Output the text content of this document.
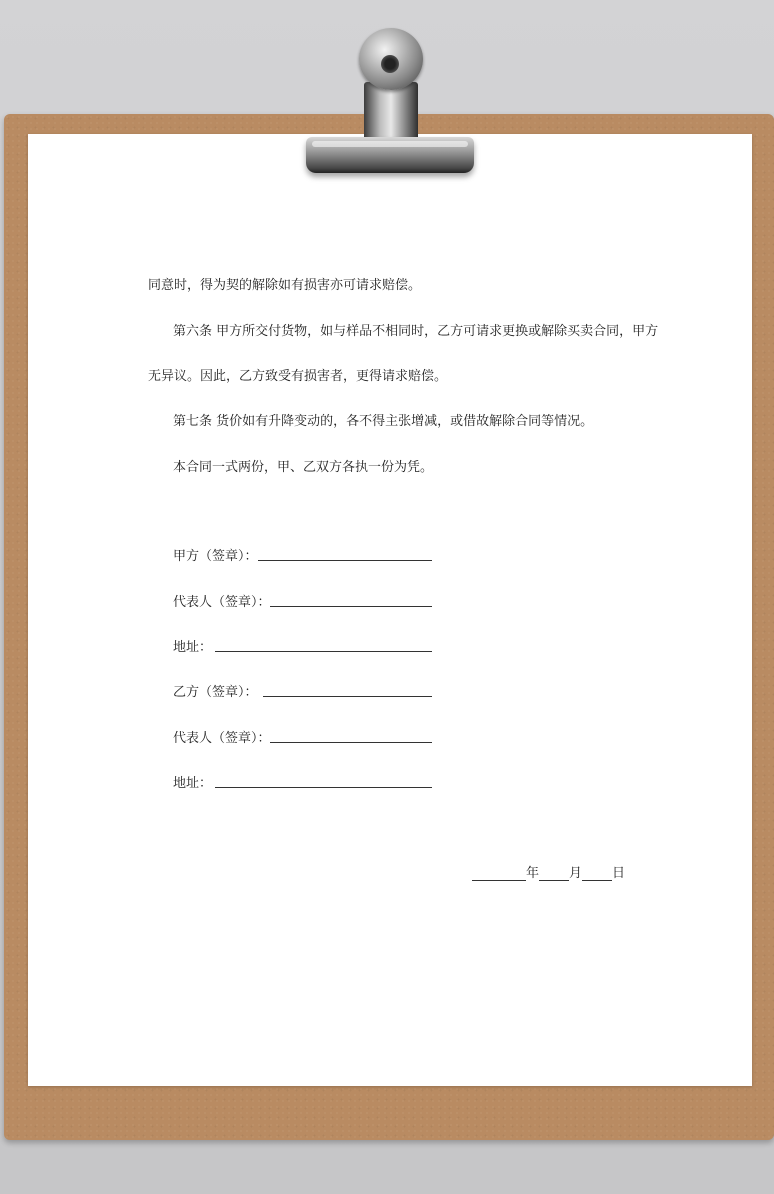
同意时，得为契的解除如有损害亦可请求赔偿。
第六条 甲方所交付货物，如与样品不相同时，乙方可请求更换或解除买卖合同，甲方
无异议。因此，乙方致受有损害者，更得请求赔偿。
第七条 货价如有升降变动的，各不得主张增减，或借故解除合同等情况。
本合同一式两份，甲、乙双方各执一份为凭。
甲方（签章）：
代表人（签章）：
地址：
乙方（签章）：
代表人（签章）：
地址：
年 月 日
